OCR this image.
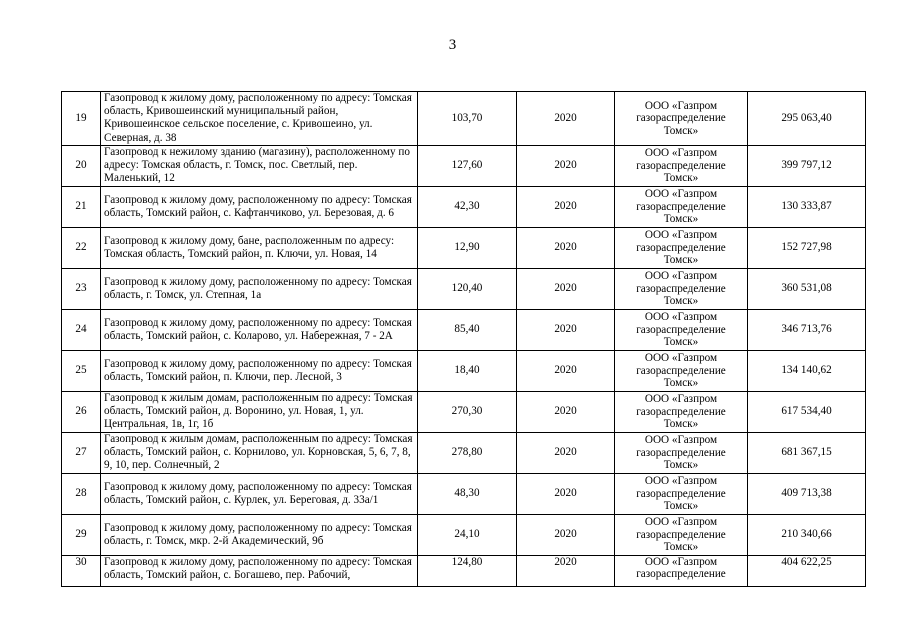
3
19	Газопровод к жилому дому, расположенному по адресу: Томская область, Кривошеинский муниципальный район, Кривошеинское сельское поселение, с. Кривошеино, ул. Северная, д. 38	103,70	2020	ООО «Газпром газораспределение Томск»	295 063,40
20	Газопровод к нежилому зданию (магазину), расположенному по адресу: Томская область, г. Томск, пос. Светлый, пер. Маленький, 12	127,60	2020	ООО «Газпром газораспределение Томск»	399 797,12
21	Газопровод к жилому дому, расположенному по адресу: Томская область, Томский район, с. Кафтанчиково, ул. Березовая, д. 6	42,30	2020	ООО «Газпром газораспределение Томск»	130 333,87
22	Газопровод к жилому дому, бане, расположенным по адресу: Томская область, Томский район, п. Ключи, ул. Новая, 14	12,90	2020	ООО «Газпром газораспределение Томск»	152 727,98
23	Газопровод к жилому дому, расположенному по адресу: Томская область, г. Томск, ул. Степная, 1а	120,40	2020	ООО «Газпром газораспределение Томск»	360 531,08
24	Газопровод к жилому дому, расположенному по адресу: Томская область, Томский район, с. Коларово, ул. Набережная, 7 - 2А	85,40	2020	ООО «Газпром газораспределение Томск»	346 713,76
25	Газопровод к жилому дому, расположенному по адресу: Томская область, Томский район, п. Ключи, пер. Лесной, 3	18,40	2020	ООО «Газпром газораспределение Томск»	134 140,62
26	Газопровод к жилым домам, расположенным по адресу: Томская область, Томский район, д. Воронино, ул. Новая, 1, ул. Центральная, 1в, 1г, 1б	270,30	2020	ООО «Газпром газораспределение Томск»	617 534,40
27	Газопровод к жилым домам, расположенным по адресу: Томская область, Томский район, с. Корнилово, ул. Корновская, 5, 6, 7, 8, 9, 10, пер. Солнечный, 2	278,80	2020	ООО «Газпром газораспределение Томск»	681 367,15
28	Газопровод к жилому дому, расположенному по адресу: Томская область, Томский район, с. Курлек, ул. Береговая, д. 33а/1	48,30	2020	ООО «Газпром газораспределение Томск»	409 713,38
29	Газопровод к жилому дому, расположенному по адресу: Томская область, г. Томск, мкр. 2-й Академический, 9б	24,10	2020	ООО «Газпром газораспределение Томск»	210 340,66
30	Газопровод к жилому дому, расположенному по адресу: Томская область, Томский район, с. Богашево, пер. Рабочий,	124,80	2020	ООО «Газпром газораспределение	404 622,25
